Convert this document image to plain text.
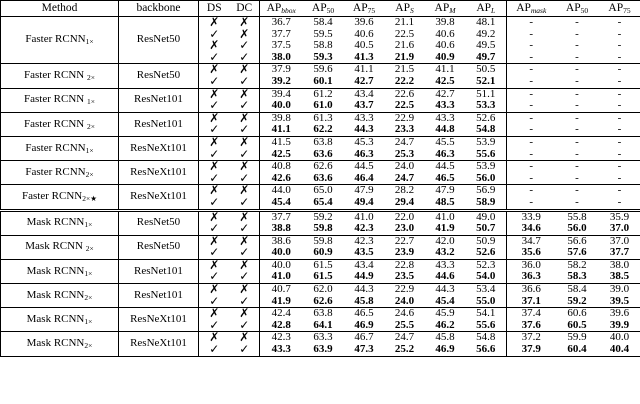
Method	backbone	DS	DC	$AP_{bbox}$	$AP_{50}$	$AP_{75}$	$AP_S$	$AP_M$	$AP_L$	$AP_{mask}$	$AP_{50}$	$AP_{75}$
Faster $RCNN_{1\times}$	ResNet50	✗	✗	36.7	58.4	39.6	21.1	39.8	48.1	-	-	-
		✓	✗	37.7	59.5	40.6	22.5	40.6	49.2	-	-	-
		✗	✓	37.5	58.8	40.5	21.6	40.6	49.5	-	-	-
		✓	✓	38.0	59.3	41.3	21.9	40.9	49.7	-	-	-
Faster RCNN $_{2\times}$	ResNet50	✗	✗	37.9	59.6	41.1	21.5	41.1	50.5	-	-	-
		✓	✓	39.2	60.1	42.7	22.2	42.5	52.1	-	-	-
Faster RCNN $_{1\times}$	ResNet101	✗	✗	39.4	61.2	43.4	22.6	42.7	51.1	-	-	-
		✓	✓	40.0	61.0	43.7	22.5	43.3	53.3	-	-	-
Faster RCNN $_{2\times}$	ResNet101	✗	✗	39.8	61.3	43.3	22.9	43.3	52.6	-	-	-
		✓	✓	41.1	62.2	44.3	23.3	44.8	54.8	-	-	-
Faster $RCNN_{1\times}$	ResNeXt101	✗	✗	41.5	63.8	45.3	24.7	45.5	53.9	-	-	-
		✓	✓	42.5	63.6	46.3	25.3	46.3	55.6	-	-	-
Faster $RCNN_{2\times}$	ResNeXt101	✗	✗	40.8	62.6	44.5	24.0	44.5	53.9	-	-	-
		✓	✓	42.6	63.6	46.4	24.7	46.5	56.0	-	-	-
Faster $RCNN_{2\times★}$	ResNeXt101	✗	✗	44.0	65.0	47.9	28.2	47.9	56.9	-	-	-
		✓	✓	45.4	65.4	49.4	29.4	48.5	58.9	-	-	-
Mask $RCNN_{1\times}$	ResNet50	✗	✗	37.7	59.2	41.0	22.0	41.0	49.0	33.9	55.8	35.9
		✓	✓	38.8	59.8	42.3	23.0	41.9	50.7	34.6	56.0	37.0
Mask RCNN $_{2\times}$	ResNet50	✗	✗	38.6	59.8	42.3	22.7	42.0	50.9	34.7	56.6	37.0
		✓	✓	40.0	60.9	43.5	23.9	43.2	52.6	35.6	57.6	37.7
Mask $RCNN_{1\times}$	ResNet101	✗	✗	40.0	61.5	43.4	22.8	43.3	52.3	36.0	58.2	38.0
		✓	✓	41.0	61.5	44.9	23.5	44.6	54.0	36.3	58.3	38.5
Mask $RCNN_{2\times}$	ResNet101	✗	✗	40.7	62.0	44.3	22.9	44.3	53.4	36.6	58.4	39.0
		✓	✓	41.9	62.6	45.8	24.0	45.4	55.0	37.1	59.2	39.5
Mask $RCNN_{1\times}$	ResNeXt101	✗	✗	42.4	63.8	46.5	24.6	45.9	54.1	37.4	60.6	39.6
		✓	✓	42.8	64.1	46.9	25.5	46.2	55.6	37.6	60.5	39.9
Mask $RCNN_{2\times}$	ResNeXt101	✗	✗	42.3	63.3	46.7	24.7	45.8	54.8	37.2	59.9	40.0
		✓	✓	43.3	63.9	47.3	25.2	46.9	56.6	37.9	60.4	40.4
